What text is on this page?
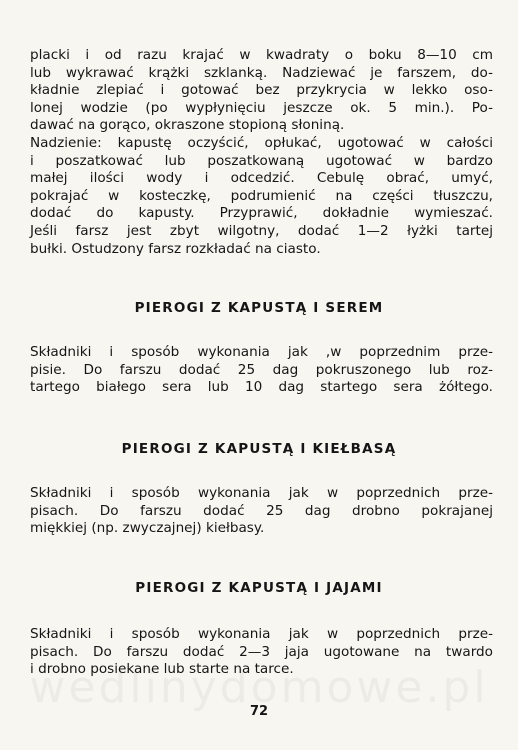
placki i od razu krajać w kwadraty o boku 8—10 cm
lub wykrawać krążki szklanką. Nadziewać je farszem, do-
kładnie zlepiać i gotować bez przykrycia w lekko oso-
lonej wodzie (po wypłynięciu jeszcze ok. 5 min.). Po-
dawać na gorąco, okraszone stopioną słoniną.
Nadzienie: kapustę oczyścić, opłukać, ugotować w całości
i poszatkować lub poszatkowaną ugotować w bardzo
małej ilości wody i odcedzić. Cebulę obrać, umyć,
pokrajać w kosteczkę, podrumienić na części tłuszczu,
dodać do kapusty. Przyprawić, dokładnie wymieszać.
Jeśli farsz jest zbyt wilgotny, dodać 1—2 łyżki tartej
bułki. Ostudzony farsz rozkładać na ciasto.
PIEROGI Z KAPUSTĄ I SEREM
Składniki i sposób wykonania jak ,w poprzednim prze-
pisie. Do farszu dodać 25 dag pokruszonego lub roz-
tartego białego sera lub 10 dag startego sera żółtego.
PIEROGI Z KAPUSTĄ I KIEŁBASĄ
Składniki i sposób wykonania jak w poprzednich prze-
pisach. Do farszu dodać 25 dag drobno pokrajanej
miękkiej (np. zwyczajnej) kiełbasy.
PIEROGI Z KAPUSTĄ I JAJAMI
Składniki i sposób wykonania jak w poprzednich prze-
pisach. Do farszu dodać 2—3 jaja ugotowane na twardo
i drobno posiekane lub starte na tarce.

72
